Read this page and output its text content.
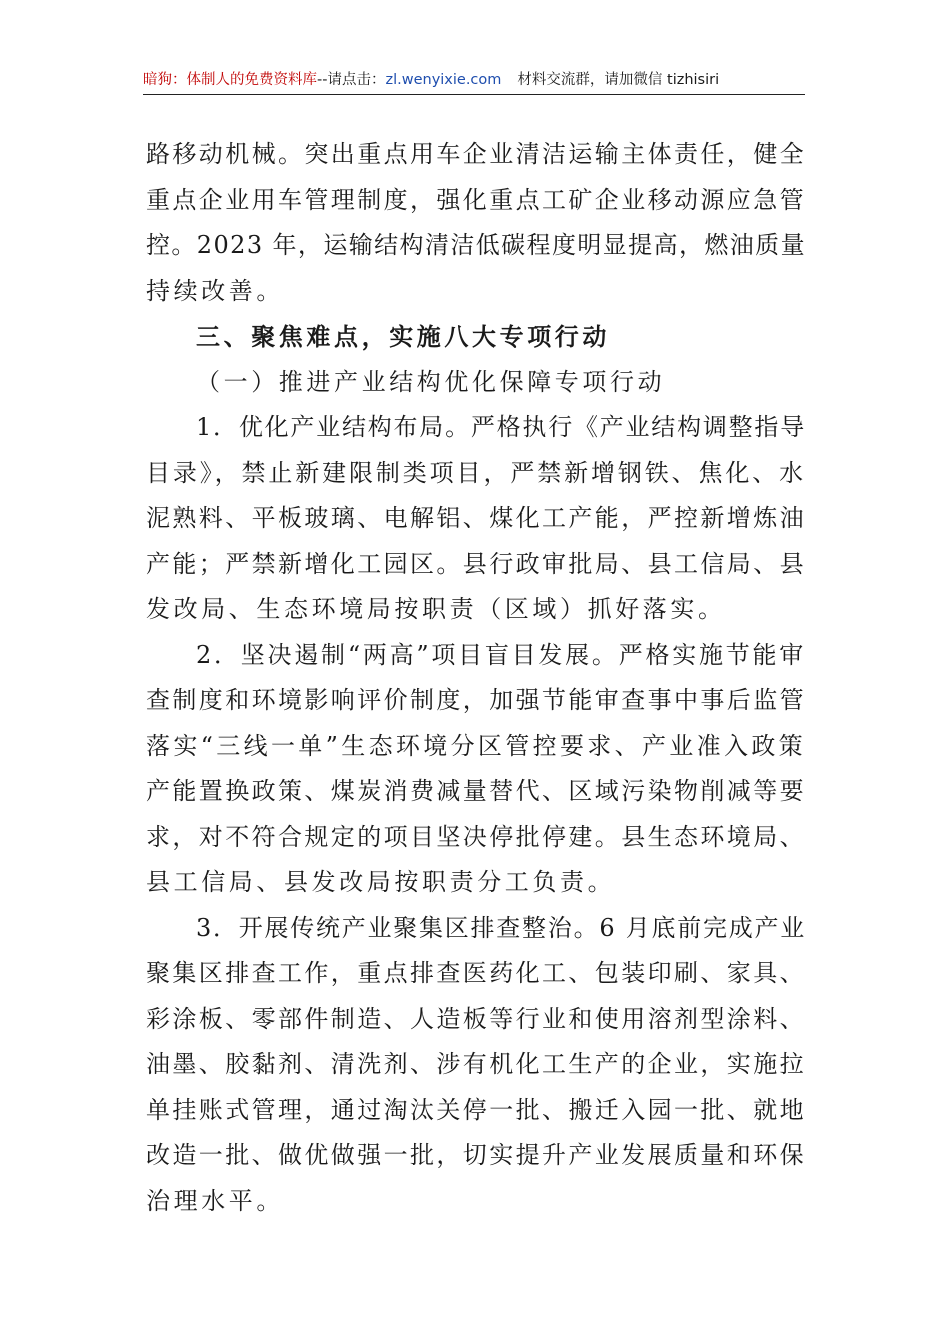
暗狗：体制人的免费资料库--请点击：zl.wenyixie.com 材料交流群，请加微信 tizhisiri
路移动机械。突出重点用车企业清洁运输主体责任，健全
重点企业用车管理制度，强化重点工矿企业移动源应急管
控。2023 年，运输结构清洁低碳程度明显提高，燃油质量
持续改善。
三、聚焦难点，实施八大专项行动
（一）推进产业结构优化保障专项行动
1．优化产业结构布局。严格执行《产业结构调整指导
目录》，禁止新建限制类项目，严禁新增钢铁、焦化、水
泥熟料、平板玻璃、电解铝、煤化工产能，严控新增炼油
产能；严禁新增化工园区。县行政审批局、县工信局、县
发改局、生态环境局按职责（区域）抓好落实。
2．坚决遏制“两高”项目盲目发展。严格实施节能审
查制度和环境影响评价制度，加强节能审查事中事后监管
落实“三线一单”生态环境分区管控要求、产业准入政策
产能置换政策、煤炭消费减量替代、区域污染物削减等要
求，对不符合规定的项目坚决停批停建。县生态环境局、
县工信局、县发改局按职责分工负责。
3．开展传统产业聚集区排查整治。6 月底前完成产业
聚集区排查工作，重点排查医药化工、包装印刷、家具、
彩涂板、零部件制造、人造板等行业和使用溶剂型涂料、
油墨、胶黏剂、清洗剂、涉有机化工生产的企业，实施拉
单挂账式管理，通过淘汰关停一批、搬迁入园一批、就地
改造一批、做优做强一批，切实提升产业发展质量和环保
治理水平。
